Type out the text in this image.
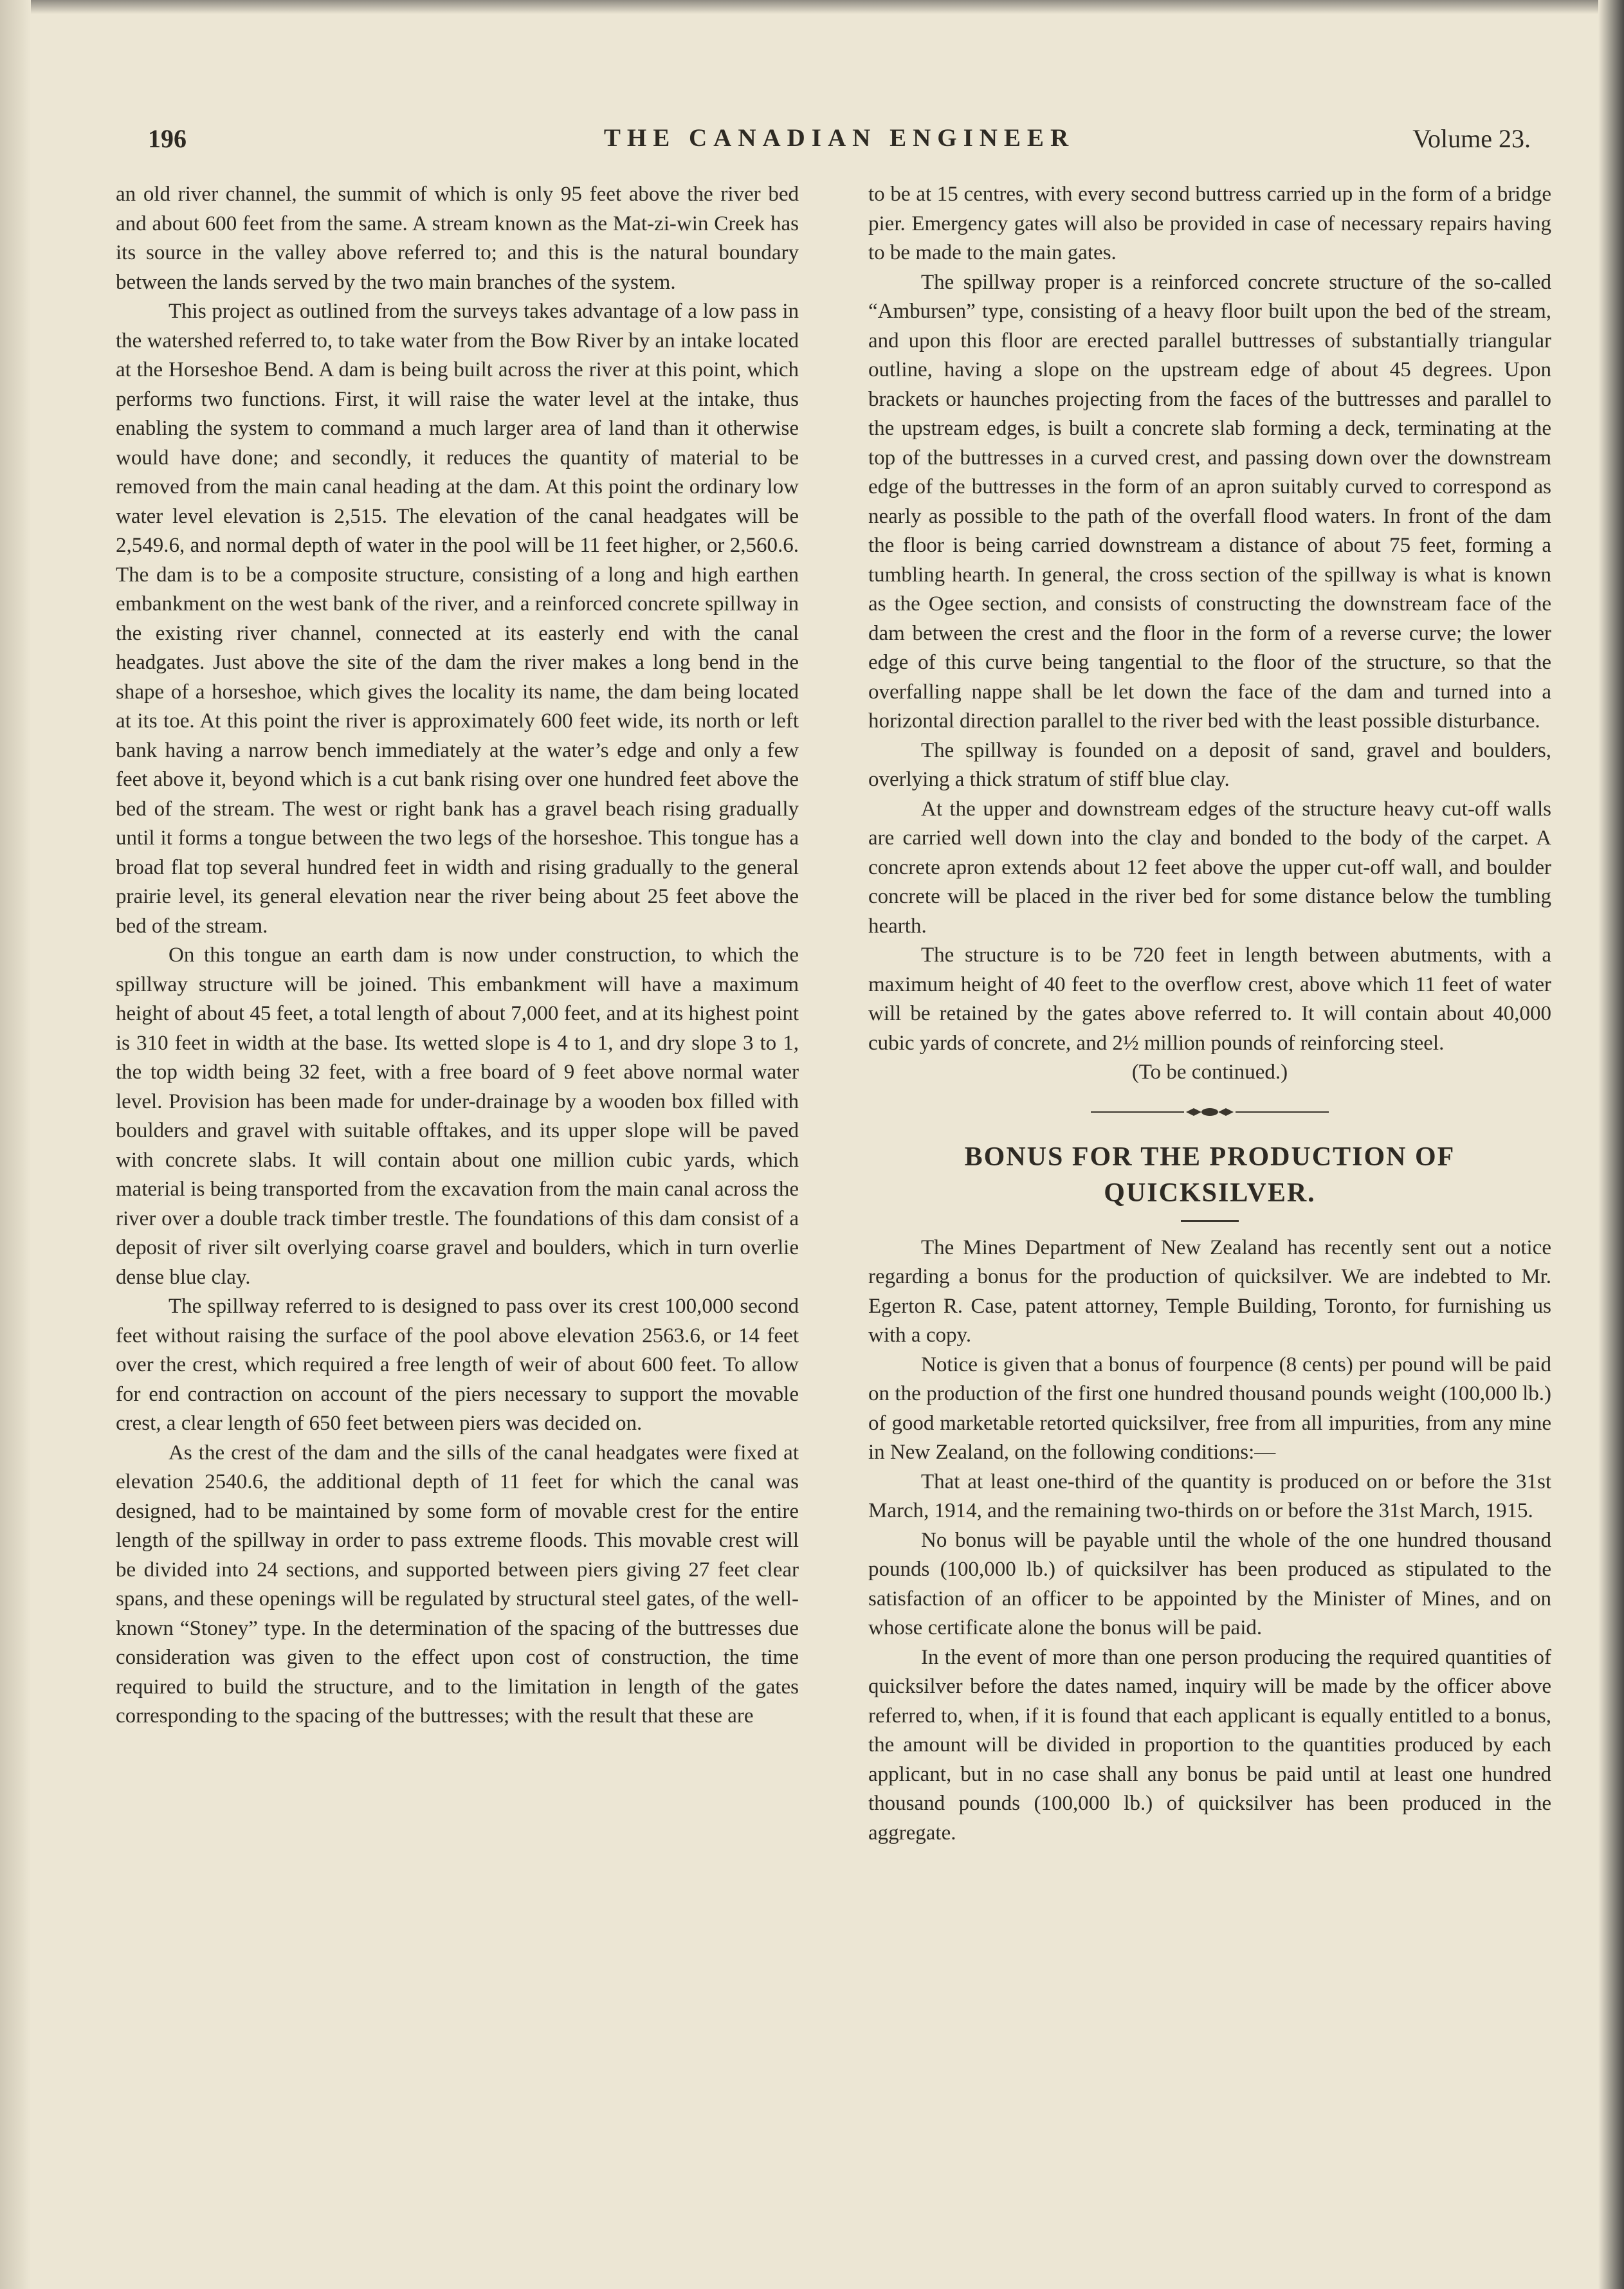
196	THE CANADIAN ENGINEER	Volume 23.

an old river channel, the summit of which is only 95 feet above the river bed and about 600 feet from the same. A stream known as the Mat-zi-win Creek has its source in the valley above referred to; and this is the natural boundary between the lands served by the two main branches of the system.

This project as outlined from the surveys takes advantage of a low pass in the watershed referred to, to take water from the Bow River by an intake located at the Horseshoe Bend. A dam is being built across the river at this point, which performs two functions. First, it will raise the water level at the intake, thus enabling the system to command a much larger area of land than it otherwise would have done; and secondly, it reduces the quantity of material to be removed from the main canal heading at the dam. At this point the ordinary low water level elevation is 2,515. The elevation of the canal headgates will be 2,549.6, and normal depth of water in the pool will be 11 feet higher, or 2,560.6. The dam is to be a composite structure, consisting of a long and high earthen embankment on the west bank of the river, and a reinforced concrete spillway in the existing river channel, connected at its easterly end with the canal headgates. Just above the site of the dam the river makes a long bend in the shape of a horseshoe, which gives the locality its name, the dam being located at its toe. At this point the river is approximately 600 feet wide, its north or left bank having a narrow bench immediately at the water’s edge and only a few feet above it, beyond which is a cut bank rising over one hundred feet above the bed of the stream. The west or right bank has a gravel beach rising gradually until it forms a tongue between the two legs of the horseshoe. This tongue has a broad flat top several hundred feet in width and rising gradually to the general prairie level, its general elevation near the river being about 25 feet above the bed of the stream.

On this tongue an earth dam is now under construction, to which the spillway structure will be joined. This embankment will have a maximum height of about 45 feet, a total length of about 7,000 feet, and at its highest point is 310 feet in width at the base. Its wetted slope is 4 to 1, and dry slope 3 to 1, the top width being 32 feet, with a free board of 9 feet above normal water level. Provision has been made for under-drainage by a wooden box filled with boulders and gravel with suitable offtakes, and its upper slope will be paved with concrete slabs. It will contain about one million cubic yards, which material is being transported from the excavation from the main canal across the river over a double track timber trestle. The foundations of this dam consist of a deposit of river silt overlying coarse gravel and boulders, which in turn overlie dense blue clay.

The spillway referred to is designed to pass over its crest 100,000 second feet without raising the surface of the pool above elevation 2563.6, or 14 feet over the crest, which required a free length of weir of about 600 feet. To allow for end contraction on account of the piers necessary to support the movable crest, a clear length of 650 feet between piers was decided on.

As the crest of the dam and the sills of the canal headgates were fixed at elevation 2540.6, the additional depth of 11 feet for which the canal was designed, had to be maintained by some form of movable crest for the entire length of the spillway in order to pass extreme floods. This movable crest will be divided into 24 sections, and supported between piers giving 27 feet clear spans, and these openings will be regulated by structural steel gates, of the well-known “Stoney” type. In the determination of the spacing of the buttresses due consideration was given to the effect upon cost of construction, the time required to build the structure, and to the limitation in length of the gates corresponding to the spacing of the buttresses; with the result that these are

to be at 15 centres, with every second buttress carried up in the form of a bridge pier. Emergency gates will also be provided in case of necessary repairs having to be made to the main gates.

The spillway proper is a reinforced concrete structure of the so-called “Ambursen” type, consisting of a heavy floor built upon the bed of the stream, and upon this floor are erected parallel buttresses of substantially triangular outline, having a slope on the upstream edge of about 45 degrees. Upon brackets or haunches projecting from the faces of the buttresses and parallel to the upstream edges, is built a concrete slab forming a deck, terminating at the top of the buttresses in a curved crest, and passing down over the downstream edge of the buttresses in the form of an apron suitably curved to correspond as nearly as possible to the path of the overfall flood waters. In front of the dam the floor is being carried downstream a distance of about 75 feet, forming a tumbling hearth. In general, the cross section of the spillway is what is known as the Ogee section, and consists of constructing the downstream face of the dam between the crest and the floor in the form of a reverse curve; the lower edge of this curve being tangential to the floor of the structure, so that the overfalling nappe shall be let down the face of the dam and turned into a horizontal direction parallel to the river bed with the least possible disturbance.

The spillway is founded on a deposit of sand, gravel and boulders, overlying a thick stratum of stiff blue clay.

At the upper and downstream edges of the structure heavy cut-off walls are carried well down into the clay and bonded to the body of the carpet. A concrete apron extends about 12 feet above the upper cut-off wall, and boulder concrete will be placed in the river bed for some distance below the tumbling hearth.

The structure is to be 720 feet in length between abutments, with a maximum height of 40 feet to the overflow crest, above which 11 feet of water will be retained by the gates above referred to. It will contain about 40,000 cubic yards of concrete, and 2½ million pounds of reinforcing steel.

(To be continued.)

BONUS FOR THE PRODUCTION OF
QUICKSILVER.

The Mines Department of New Zealand has recently sent out a notice regarding a bonus for the production of quicksilver. We are indebted to Mr. Egerton R. Case, patent attorney, Temple Building, Toronto, for furnishing us with a copy.

Notice is given that a bonus of fourpence (8 cents) per pound will be paid on the production of the first one hundred thousand pounds weight (100,000 lb.) of good marketable retorted quicksilver, free from all impurities, from any mine in New Zealand, on the following conditions:—

That at least one-third of the quantity is produced on or before the 31st March, 1914, and the remaining two-thirds on or before the 31st March, 1915.

No bonus will be payable until the whole of the one hundred thousand pounds (100,000 lb.) of quicksilver has been produced as stipulated to the satisfaction of an officer to be appointed by the Minister of Mines, and on whose certificate alone the bonus will be paid.

In the event of more than one person producing the required quantities of quicksilver before the dates named, inquiry will be made by the officer above referred to, when, if it is found that each applicant is equally entitled to a bonus, the amount will be divided in proportion to the quantities produced by each applicant, but in no case shall any bonus be paid until at least one hundred thousand pounds (100,000 lb.) of quicksilver has been produced in the aggregate.
